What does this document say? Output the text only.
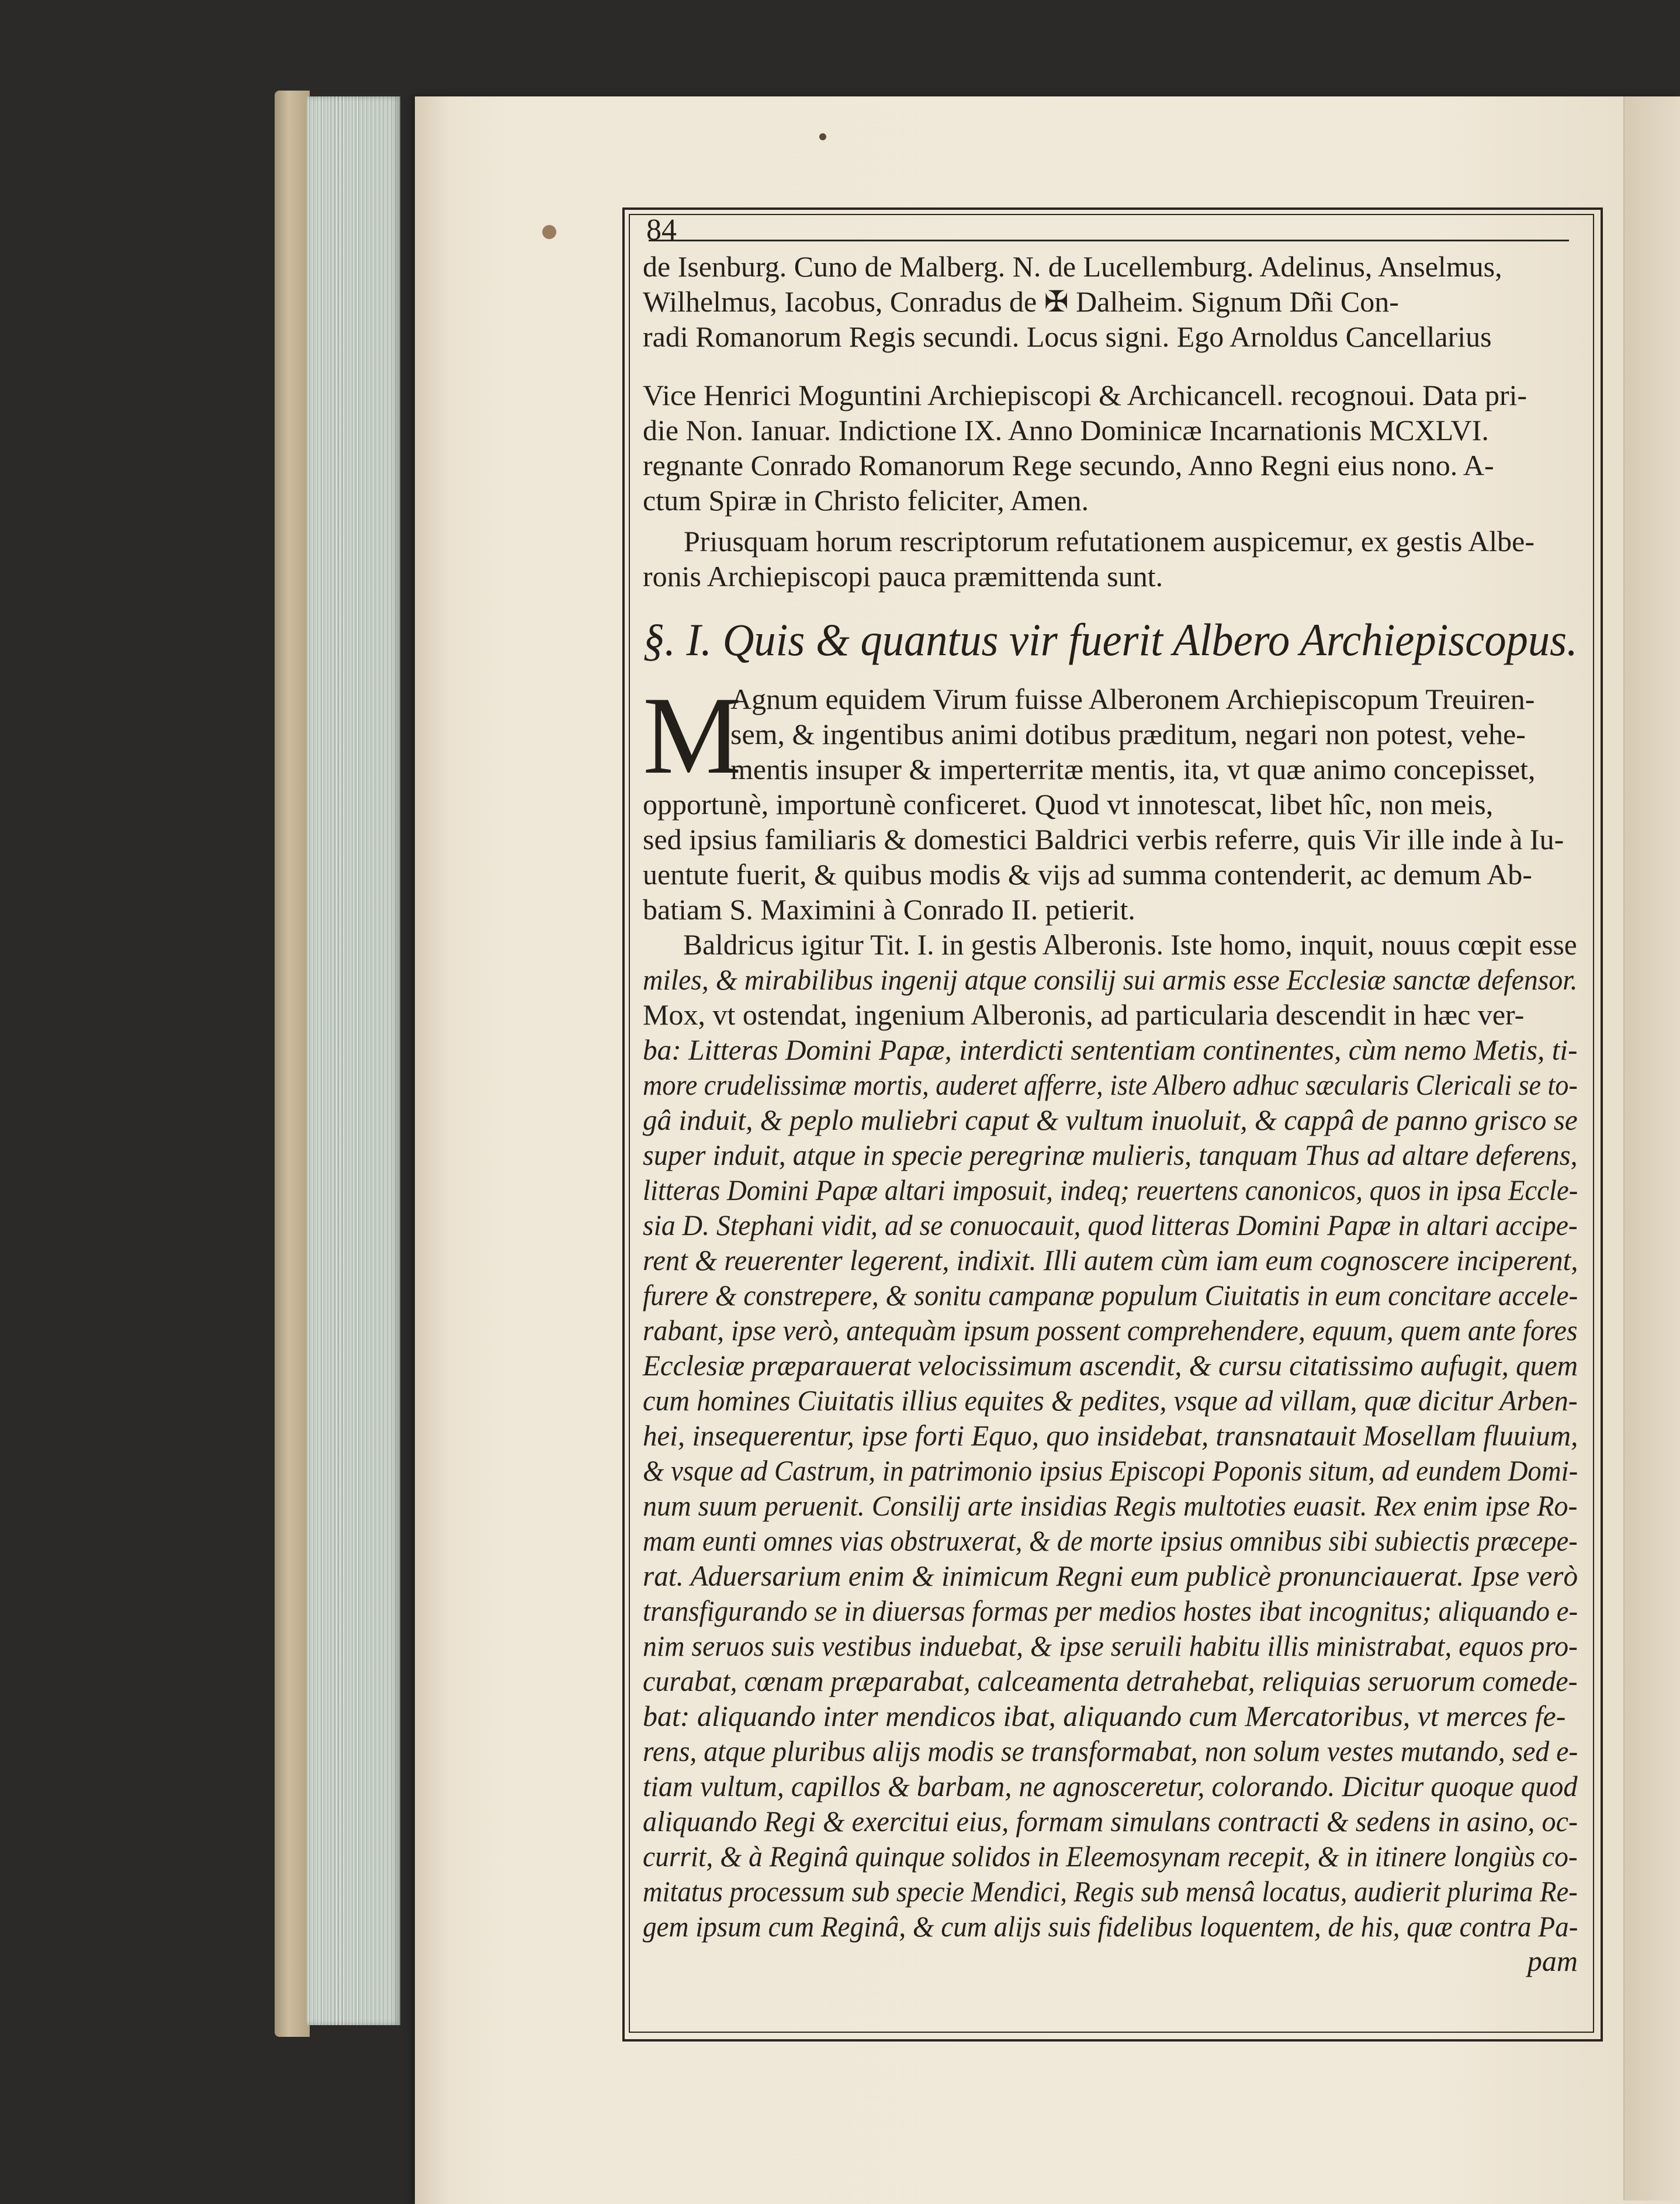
84
de Isenburg. Cuno de Malberg. N. de Lucellemburg. Adelinus, Anselmus,
Wilhelmus, Iacobus, Conradus de ✠ Dalheim. Signum Dñi Con-
radi Romanorum Regis secundi. Locus signi. Ego Arnoldus Cancellarius
Vice Henrici Moguntini Archiepiscopi & Archicancell. recognoui. Data pri-
die Non. Ianuar. Indictione IX. Anno Dominicæ Incarnationis MCXLVI.
regnante Conrado Romanorum Rege secundo, Anno Regni eius nono. A-
ctum Spiræ in Christo feliciter, Amen.
Priusquam horum rescriptorum refutationem auspicemur, ex gestis Albe-
ronis Archiepiscopi pauca præmittenda sunt.
§. I. Quis & quantus vir fuerit Albero Archiepiscopus.
M
Agnum equidem Virum fuisse Alberonem Archiepiscopum Treuiren-
sem, & ingentibus animi dotibus præditum, negari non potest, vehe-
mentis insuper & imperterritæ mentis, ita, vt quæ animo concepisset,
opportunè, importunè conficeret. Quod vt innotescat, libet hîc, non meis,
sed ipsius familiaris & domestici Baldrici verbis referre, quis Vir ille inde à Iu-
uentute fuerit, & quibus modis & vijs ad summa contenderit, ac demum Ab-
batiam S. Maximini à Conrado II. petierit.
Baldricus igitur Tit. I. in gestis Alberonis. Iste homo, inquit, nouus cœpit esse
miles, & mirabilibus ingenij atque consilij sui armis esse Ecclesiæ sanctæ defensor.
Mox, vt ostendat, ingenium Alberonis, ad particularia descendit in hæc ver-
ba: Litteras Domini Papæ, interdicti sententiam continentes, cùm nemo Metis, ti-
more crudelissimæ mortis, auderet afferre, iste Albero adhuc sæcularis Clericali se to-
gâ induit, & peplo muliebri caput & vultum inuoluit, & cappâ de panno grisco se
super induit, atque in specie peregrinæ mulieris, tanquam Thus ad altare deferens,
litteras Domini Papæ altari imposuit, indeq; reuertens canonicos, quos in ipsa Eccle-
sia D. Stephani vidit, ad se conuocauit, quod litteras Domini Papæ in altari accipe-
rent & reuerenter legerent, indixit. Illi autem cùm iam eum cognoscere inciperent,
furere & constrepere, & sonitu campanæ populum Ciuitatis in eum concitare accele-
rabant, ipse verò, antequàm ipsum possent comprehendere, equum, quem ante fores
Ecclesiæ præparauerat velocissimum ascendit, & cursu citatissimo aufugit, quem
cum homines Ciuitatis illius equites & pedites, vsque ad villam, quæ dicitur Arben-
hei, insequerentur, ipse forti Equo, quo insidebat, transnatauit Mosellam fluuium,
& vsque ad Castrum, in patrimonio ipsius Episcopi Poponis situm, ad eundem Domi-
num suum peruenit. Consilij arte insidias Regis multoties euasit. Rex enim ipse Ro-
mam eunti omnes vias obstruxerat, & de morte ipsius omnibus sibi subiectis præcepe-
rat. Aduersarium enim & inimicum Regni eum publicè pronunciauerat. Ipse verò
transfigurando se in diuersas formas per medios hostes ibat incognitus; aliquando e-
nim seruos suis vestibus induebat, & ipse seruili habitu illis ministrabat, equos pro-
curabat, cœnam præparabat, calceamenta detrahebat, reliquias seruorum comede-
bat: aliquando inter mendicos ibat, aliquando cum Mercatoribus, vt merces fe-
rens, atque pluribus alijs modis se transformabat, non solum vestes mutando, sed e-
tiam vultum, capillos & barbam, ne agnosceretur, colorando. Dicitur quoque quod
aliquando Regi & exercitui eius, formam simulans contracti & sedens in asino, oc-
currit, & à Reginâ quinque solidos in Eleemosynam recepit, & in itinere longiùs co-
mitatus processum sub specie Mendici, Regis sub mensâ locatus, audierit plurima Re-
gem ipsum cum Reginâ, & cum alijs suis fidelibus loquentem, de his, quæ contra Pa-
pam
